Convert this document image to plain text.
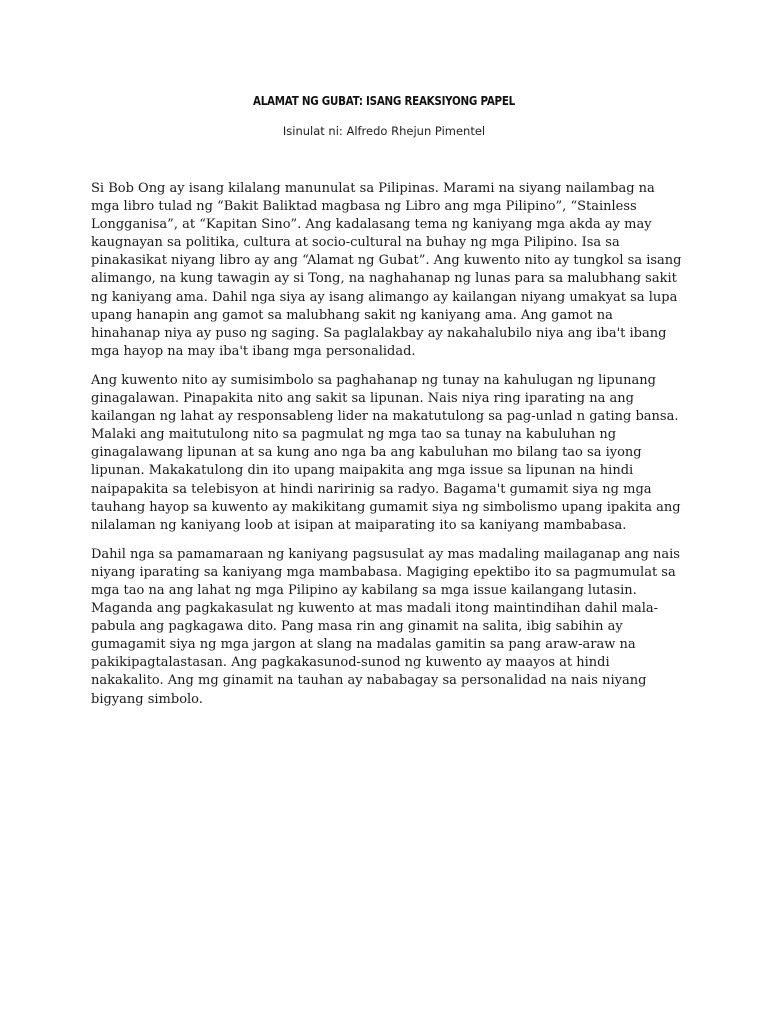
ALAMAT NG GUBAT: ISANG REAKSIYONG PAPEL
Isinulat ni: Alfredo Rhejun Pimentel

Si Bob Ong ay isang kilalang manunulat sa Pilipinas. Marami na siyang nailambag na mga libro tulad ng “Bakit Baliktad magbasa ng Libro ang mga Pilipino”, “Stainless Longganisa”, at “Kapitan Sino”. Ang kadalasang tema ng kaniyang mga akda ay may kaugnayan sa politika, cultura at socio-cultural na buhay ng mga Pilipino. Isa sa pinakasikat niyang libro ay ang “Alamat ng Gubat”. Ang kuwento nito ay tungkol sa isang alimango, na kung tawagin ay si Tong, na naghahanap ng lunas para sa malubhang sakit ng kaniyang ama. Dahil nga siya ay isang alimango ay kailangan niyang umakyat sa lupa upang hanapin ang gamot sa malubhang sakit ng kaniyang ama. Ang gamot na hinahanap niya ay puso ng saging. Sa paglalakbay ay nakahalubilo niya ang iba't ibang mga hayop na may iba't ibang mga personalidad.

Ang kuwento nito ay sumisimbolo sa paghahanap ng tunay na kahulugan ng lipunang ginagalawan. Pinapakita nito ang sakit sa lipunan. Nais niya ring iparating na ang kailangan ng lahat ay responsableng lider na makatutulong sa pag-unlad n gating bansa. Malaki ang maitutulong nito sa pagmulat ng mga tao sa tunay na kabuluhan ng ginagalawang lipunan at sa kung ano nga ba ang kabuluhan mo bilang tao sa iyong lipunan. Makakatulong din ito upang maipakita ang mga issue sa lipunan na hindi naipapakita sa telebisyon at hindi naririnig sa radyo. Bagama't gumamit siya ng mga tauhang hayop sa kuwento ay makikitang gumamit siya ng simbolismo upang ipakita ang nilalaman ng kaniyang loob at isipan at maiparating ito sa kaniyang mambabasa.

Dahil nga sa pamamaraan ng kaniyang pagsusulat ay mas madaling mailaganap ang nais niyang iparating sa kaniyang mga mambabasa. Magiging epektibo ito sa pagmumulat sa mga tao na ang lahat ng mga Pilipino ay kabilang sa mga issue kailangang lutasin. Maganda ang pagkakasulat ng kuwento at mas madali itong maintindihan dahil mala-pabula ang pagkagawa dito. Pang masa rin ang ginamit na salita, ibig sabihin ay gumagamit siya ng mga jargon at slang na madalas gamitin sa pang araw-araw na pakikipagtalastasan. Ang pagkakasunod-sunod ng kuwento ay maayos at hindi nakakalito. Ang mg ginamit na tauhan ay nababagay sa personalidad na nais niyang bigyang simbolo.
